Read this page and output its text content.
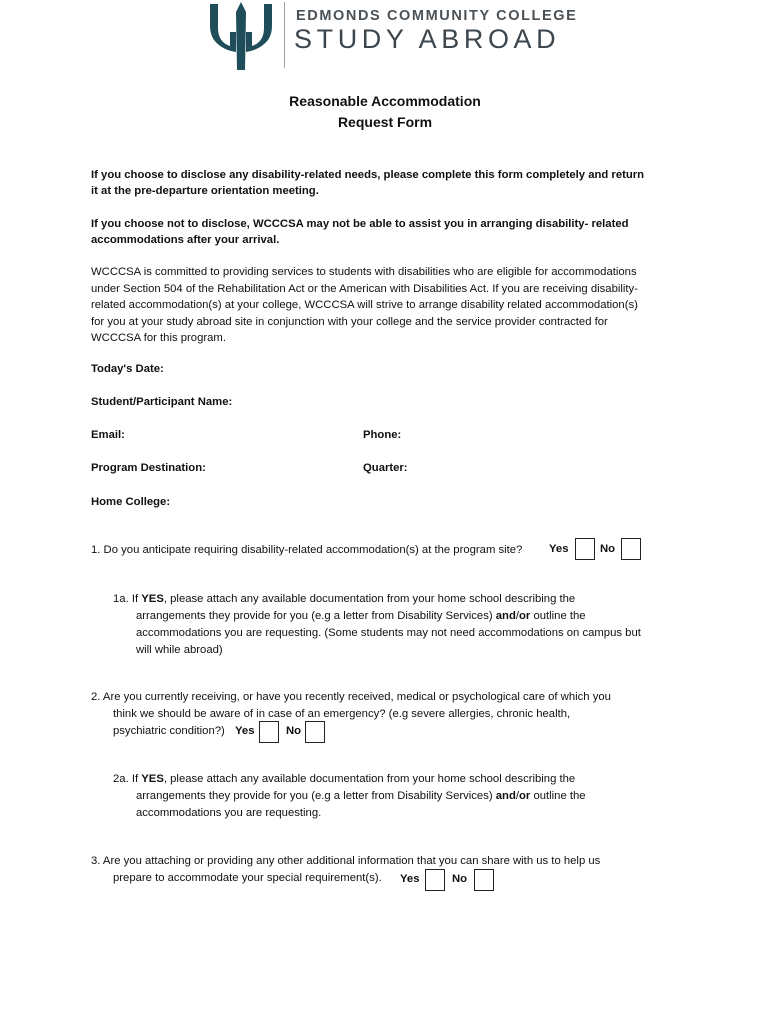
EDMONDS COMMUNITY COLLEGE
STUDY ABROAD
Reasonable Accommodation
Request Form
If you choose to disclose any disability-related needs, please complete this form completely and return
it at the pre-departure orientation meeting.
If you choose not to disclose, WCCCSA may not be able to assist you in arranging disability- related
accommodations after your arrival.
WCCCSA is committed to providing services to students with disabilities who are eligible for accommodations
under Section 504 of the Rehabilitation Act or the American with Disabilities Act. If you are receiving disability-
related accommodation(s) at your college, WCCCSA will strive to arrange disability related accommodation(s)
for you at your study abroad site in conjunction with your college and the service provider contracted for
WCCCSA for this program.
Today's Date:
Student/Participant Name:
Email:	Phone:
Program Destination:	Quarter:
Home College:
1. Do you anticipate requiring disability-related accommodation(s) at the program site? Yes	No
1a. If YES, please attach any available documentation from your home school describing the
arrangements they provide for you (e.g a letter from Disability Services) and/or outline the
accommodations you are requesting. (Some students may not need accommodations on campus but
will while abroad)
2. Are you currently receiving, or have you recently received, medical or psychological care of which you
think we should be aware of in case of an emergency? (e.g severe allergies, chronic health,
psychiatric condition?) Yes	No
2a. If YES, please attach any available documentation from your home school describing the
arrangements they provide for you (e.g a letter from Disability Services) and/or outline the
accommodations you are requesting.
3. Are you attaching or providing any other additional information that you can share with us to help us
prepare to accommodate your special requirement(s).	Yes	No
